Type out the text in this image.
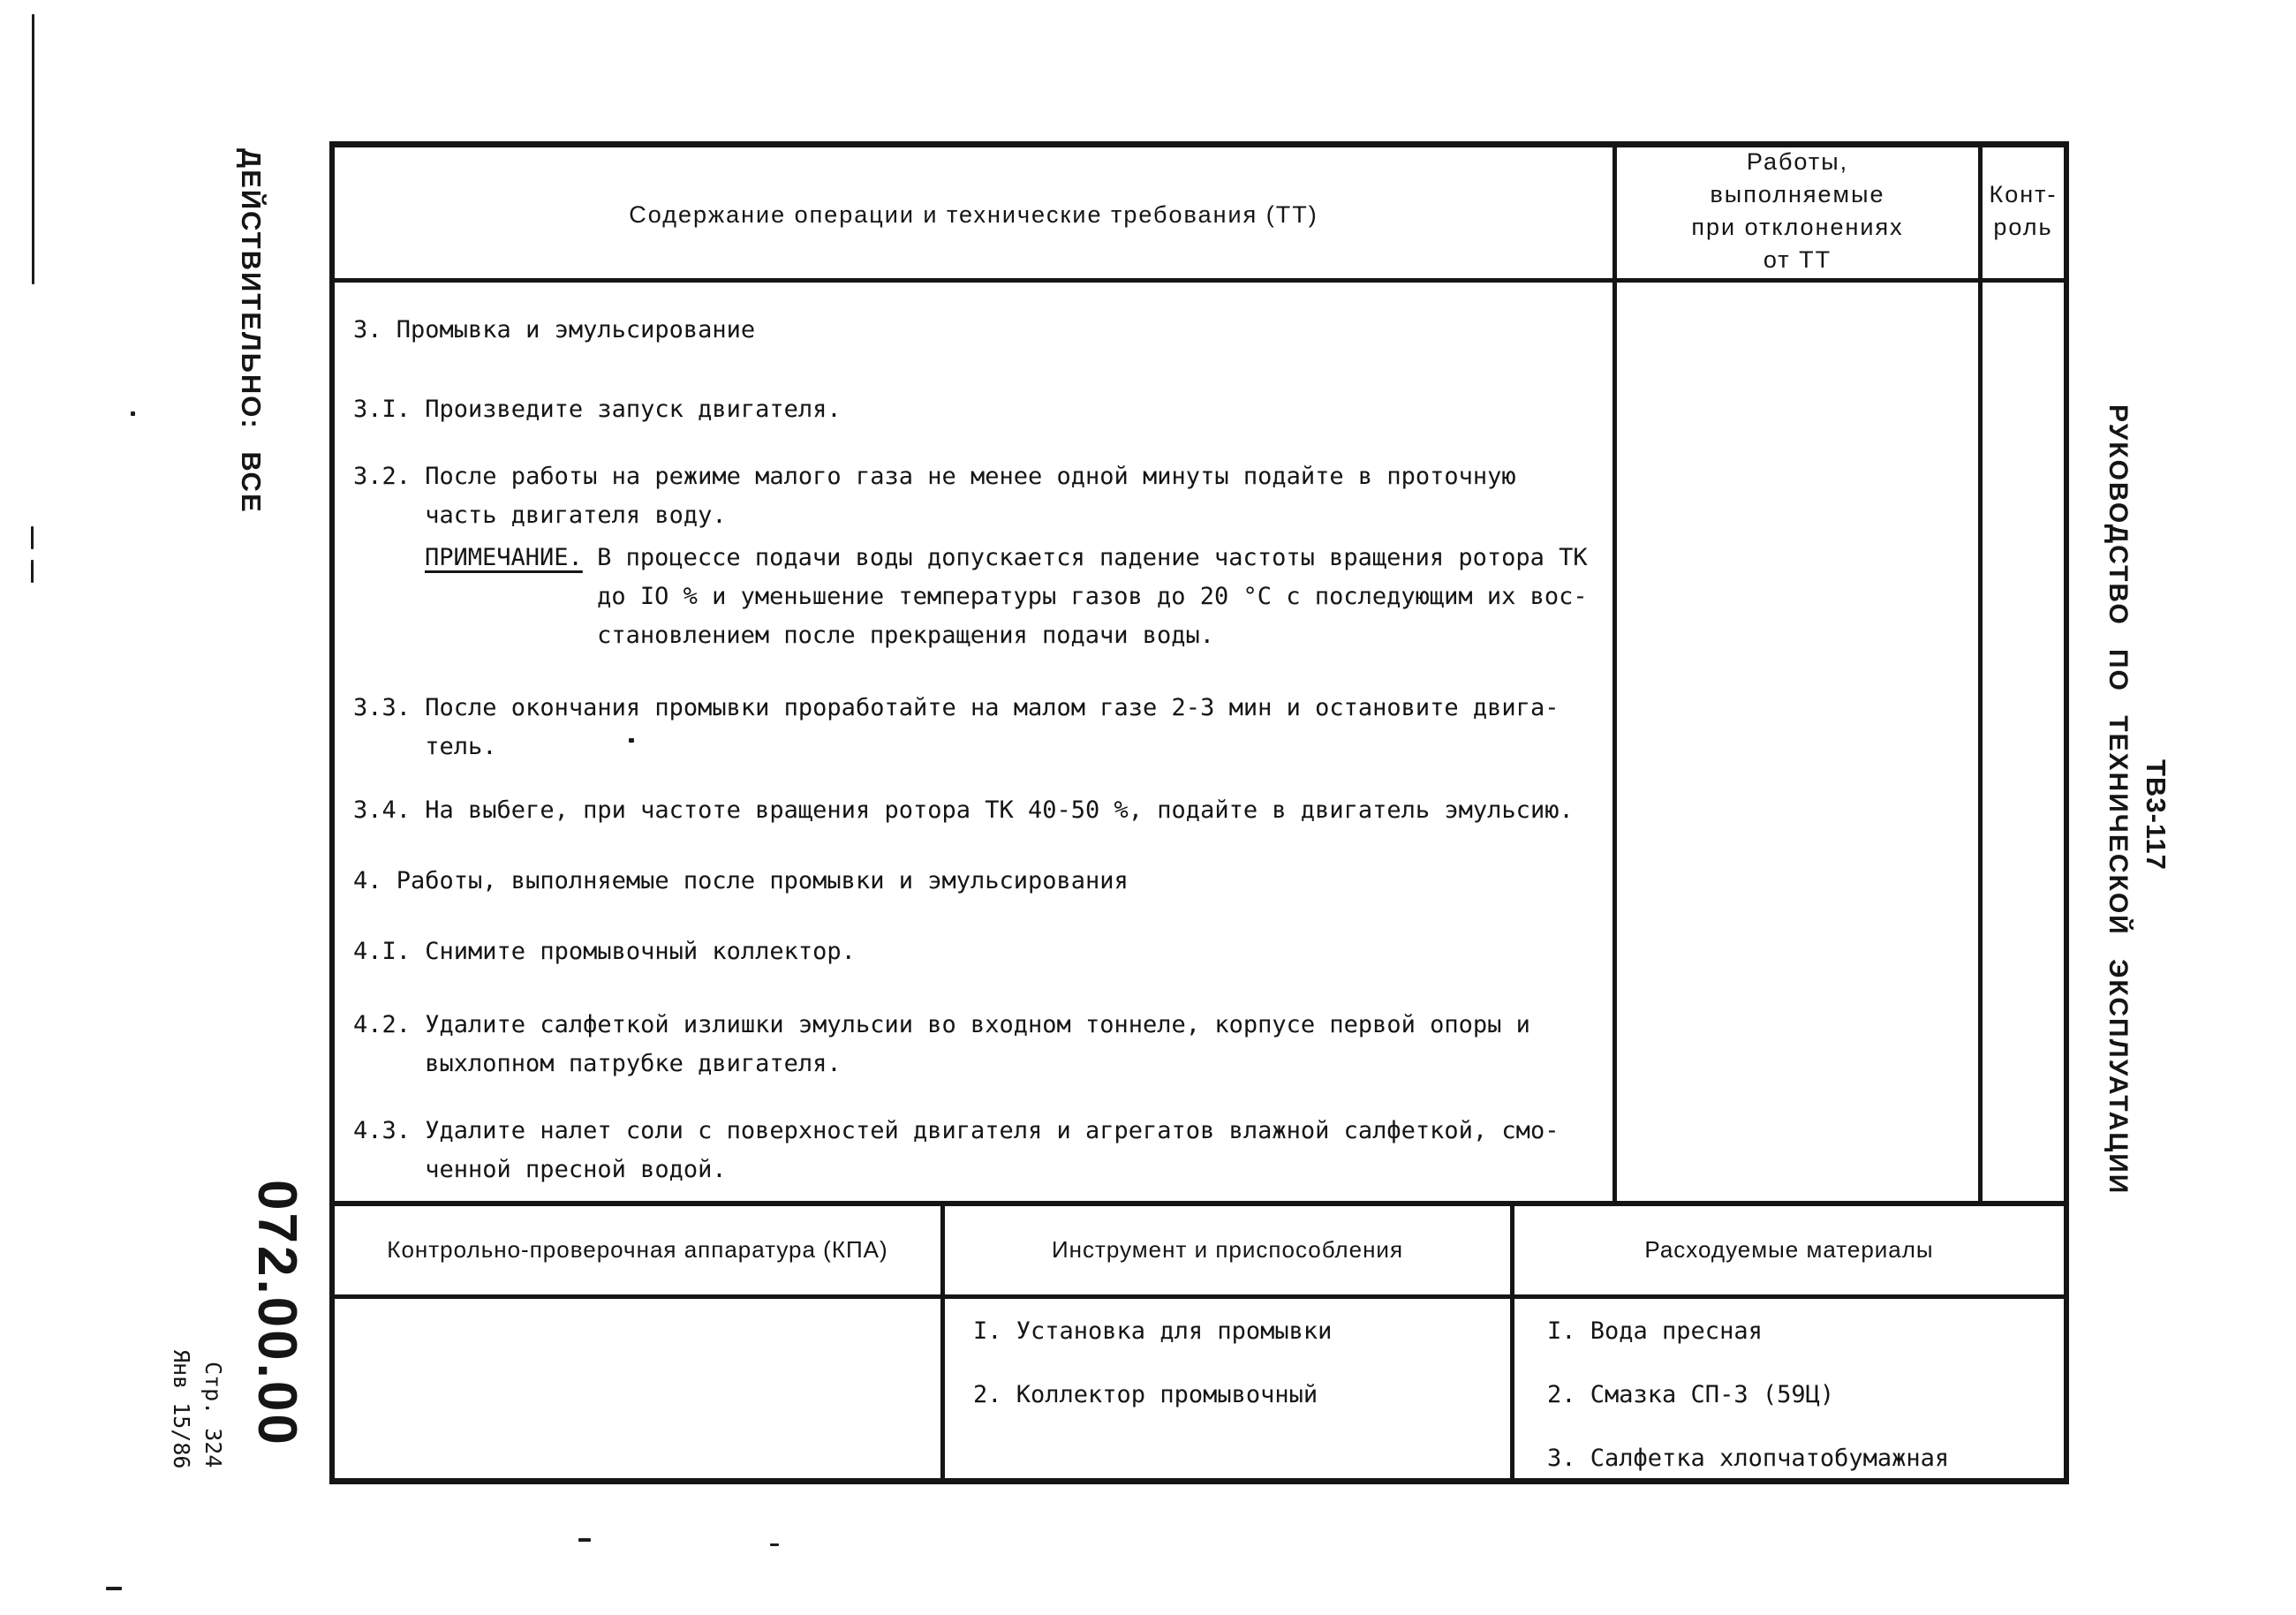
ДЕЙСТВИТЕЛЬНО: ВСЕ
072.00.00
Стр. 324
Янв 15/86
ТВ3-117
РУКОВОДСТВО ПО ТЕХНИЧЕСКОЙ ЭКСПЛУАТАЦИИ
Содержание операции и технические требования (ТТ)
Работы,
выполняемые
при отклонениях
от ТТ
Конт-
роль
3. Промывка и эмульсирование
3.I. Произведите запуск двигателя.
3.2. После работы на режиме малого газа не менее одной минуты подайте в проточную
часть двигателя воду.
ПРИМЕЧАНИЕ. В процессе подачи воды допускается падение частоты вращения ротора ТК
до IO % и уменьшение температуры газов до 20 °С с последующим их вос-
становлением после прекращения подачи воды.
3.3. После окончания промывки проработайте на малом газе 2-3 мин и остановите двига-
тель.
3.4. На выбеге, при частоте вращения ротора ТК 40-50 %, подайте в двигатель эмульсию.
4. Работы, выполняемые после промывки и эмульсирования
4.I. Снимите промывочный коллектор.
4.2. Удалите салфеткой излишки эмульсии во входном тоннеле, корпусе первой опоры и
выхлопном патрубке двигателя.
4.3. Удалите налет соли с поверхностей двигателя и агрегатов влажной салфеткой, смо-
ченной пресной водой.
Контрольно-проверочная аппаратура (КПА)	Инструмент и приспособления	Расходуемые материалы
I. Установка для промывки
2. Коллектор промывочный
I. Вода пресная
2. Смазка СП-3 (59Ц)
3. Салфетка хлопчатобумажная
